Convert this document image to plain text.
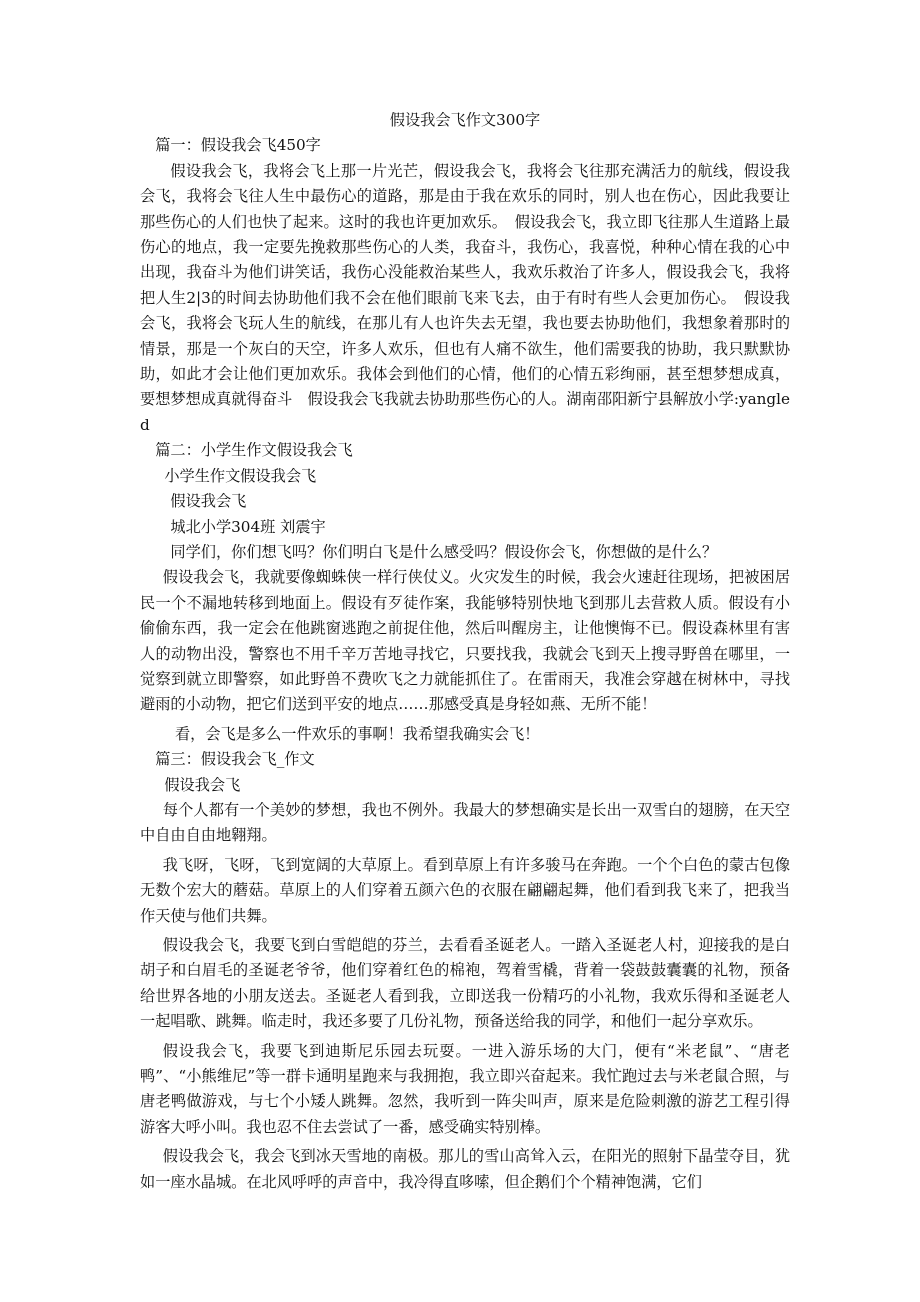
假设我会飞作文300字

篇一：假设我会飞450字

假设我会飞，我将会飞上那一片光芒，假设我会飞，我将会飞往那充满活力的航线，假设我会飞，我将会飞往人生中最伤心的道路，那是由于我在欢乐的同时，别人也在伤心，因此我要让那些伤心的人们也快了起来。这时的我也许更加欢乐。　假设我会飞，我立即飞往那人生道路上最伤心的地点，我一定要先挽救那些伤心的人类，我奋斗，我伤心，我喜悦，种种心情在我的心中出现，我奋斗为他们讲笑话，我伤心没能救治某些人，我欢乐救治了许多人，假设我会飞，我将把人生2|3的时间去协助他们我不会在他们眼前飞来飞去，由于有时有些人会更加伤心。　假设我会飞，我将会飞玩人生的航线，在那儿有人也许失去无望，我也要去协助他们，我想象着那时的情景，那是一个灰白的天空，许多人欢乐，但也有人痛不欲生，他们需要我的协助，我只默默协助，如此才会让他们更加欢乐。我体会到他们的心情，他们的心情五彩绚丽，甚至想梦想成真，要想梦想成真就得奋斗　假设我会飞我就去协助那些伤心的人。湖南邵阳新宁县解放小学:yangled

篇二：小学生作文假设我会飞

小学生作文假设我会飞

假设我会飞

城北小学304班 刘震宇

同学们，你们想飞吗？你们明白飞是什么感受吗？假设你会飞，你想做的是什么？

假设我会飞，我就要像蜘蛛侠一样行侠仗义。火灾发生的时候，我会火速赶往现场，把被困居民一个不漏地转移到地面上。假设有歹徒作案，我能够特别快地飞到那儿去营救人质。假设有小偷偷东西，我一定会在他跳窗逃跑之前捉住他，然后叫醒房主，让他懊悔不已。假设森林里有害人的动物出没，警察也不用千辛万苦地寻找它，只要找我，我就会飞到天上搜寻野兽在哪里，一觉察到就立即警察，如此野兽不费吹飞之力就能抓住了。在雷雨天，我准会穿越在树林中，寻找避雨的小动物，把它们送到平安的地点……那感受真是身轻如燕、无所不能！

看，会飞是多么一件欢乐的事啊！我希望我确实会飞！

篇三：假设我会飞_作文

假设我会飞

每个人都有一个美妙的梦想，我也不例外。我最大的梦想确实是长出一双雪白的翅膀，在天空中自由自由地翱翔。

我飞呀，飞呀，飞到宽阔的大草原上。看到草原上有许多骏马在奔跑。一个个白色的蒙古包像无数个宏大的蘑菇。草原上的人们穿着五颜六色的衣服在翩翩起舞，他们看到我飞来了，把我当作天使与他们共舞。

假设我会飞，我要飞到白雪皑皑的芬兰，去看看圣诞老人。一踏入圣诞老人村，迎接我的是白胡子和白眉毛的圣诞老爷爷，他们穿着红色的棉袍，驾着雪橇，背着一袋鼓鼓囊囊的礼物，预备给世界各地的小朋友送去。圣诞老人看到我，立即送我一份精巧的小礼物，我欢乐得和圣诞老人一起唱歌、跳舞。临走时，我还多要了几份礼物，预备送给我的同学，和他们一起分享欢乐。

假设我会飞，我要飞到迪斯尼乐园去玩耍。一进入游乐场的大门，便有“米老鼠”、“唐老鸭”、“小熊维尼”等一群卡通明星跑来与我拥抱，我立即兴奋起来。我忙跑过去与米老鼠合照，与唐老鸭做游戏，与七个小矮人跳舞。忽然，我听到一阵尖叫声，原来是危险刺激的游艺工程引得游客大呼小叫。我也忍不住去尝试了一番，感受确实特别棒。

假设我会飞，我会飞到冰天雪地的南极。那儿的雪山高耸入云，在阳光的照射下晶莹夺目，犹如一座水晶城。在北风呼呼的声音中，我冷得直哆嗦，但企鹅们个个精神饱满，它们
